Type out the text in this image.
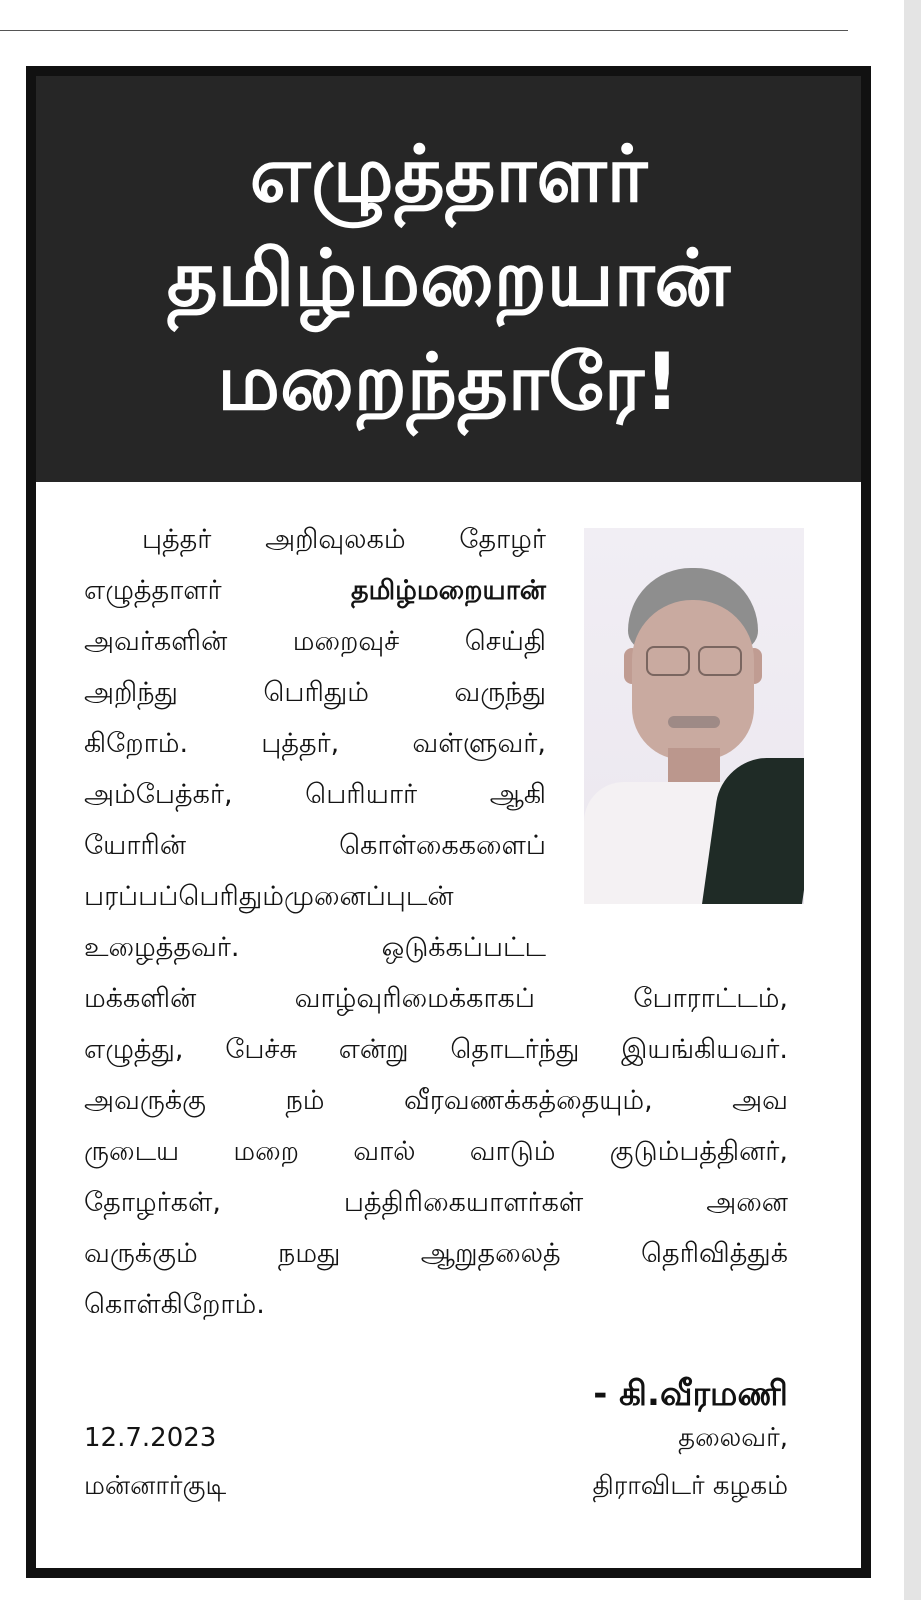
எழுத்தாளர்
தமிழ்மறையான்
மறைந்தாரே!
புத்தர் அறிவுலகம் தோழர்
எழுத்தாளர்	தமிழ்மறையான்
அவர்களின் மறைவுச் செய்தி
அறிந்து பெரிதும் வருந்து
கிறோம். புத்தர், வள்ளுவர்,
அம்பேத்கர், பெரியார் ஆகி
யோரின் கொள்கைகளைப்
பரப்பப்பெரிதும்முனைப்புடன்
உழைத்தவர். ஒடுக்கப்பட்ட
மக்களின் வாழ்வுரிமைக்காகப் போராட்டம்,
எழுத்து, பேச்சு என்று தொடர்ந்து இயங்கியவர்.
அவருக்கு நம் வீரவணக்கத்தையும், அவ
ருடைய மறை வால் வாடும் குடும்பத்தினர்,
தோழர்கள், பத்திரிகையாளர்கள் அனை
வருக்கும் நமது ஆறுதலைத் தெரிவித்துக்
கொள்கிறோம்.
- கி.வீரமணி
12.7.2023
மன்னார்குடி
தலைவர்,
திராவிடர் கழகம்
